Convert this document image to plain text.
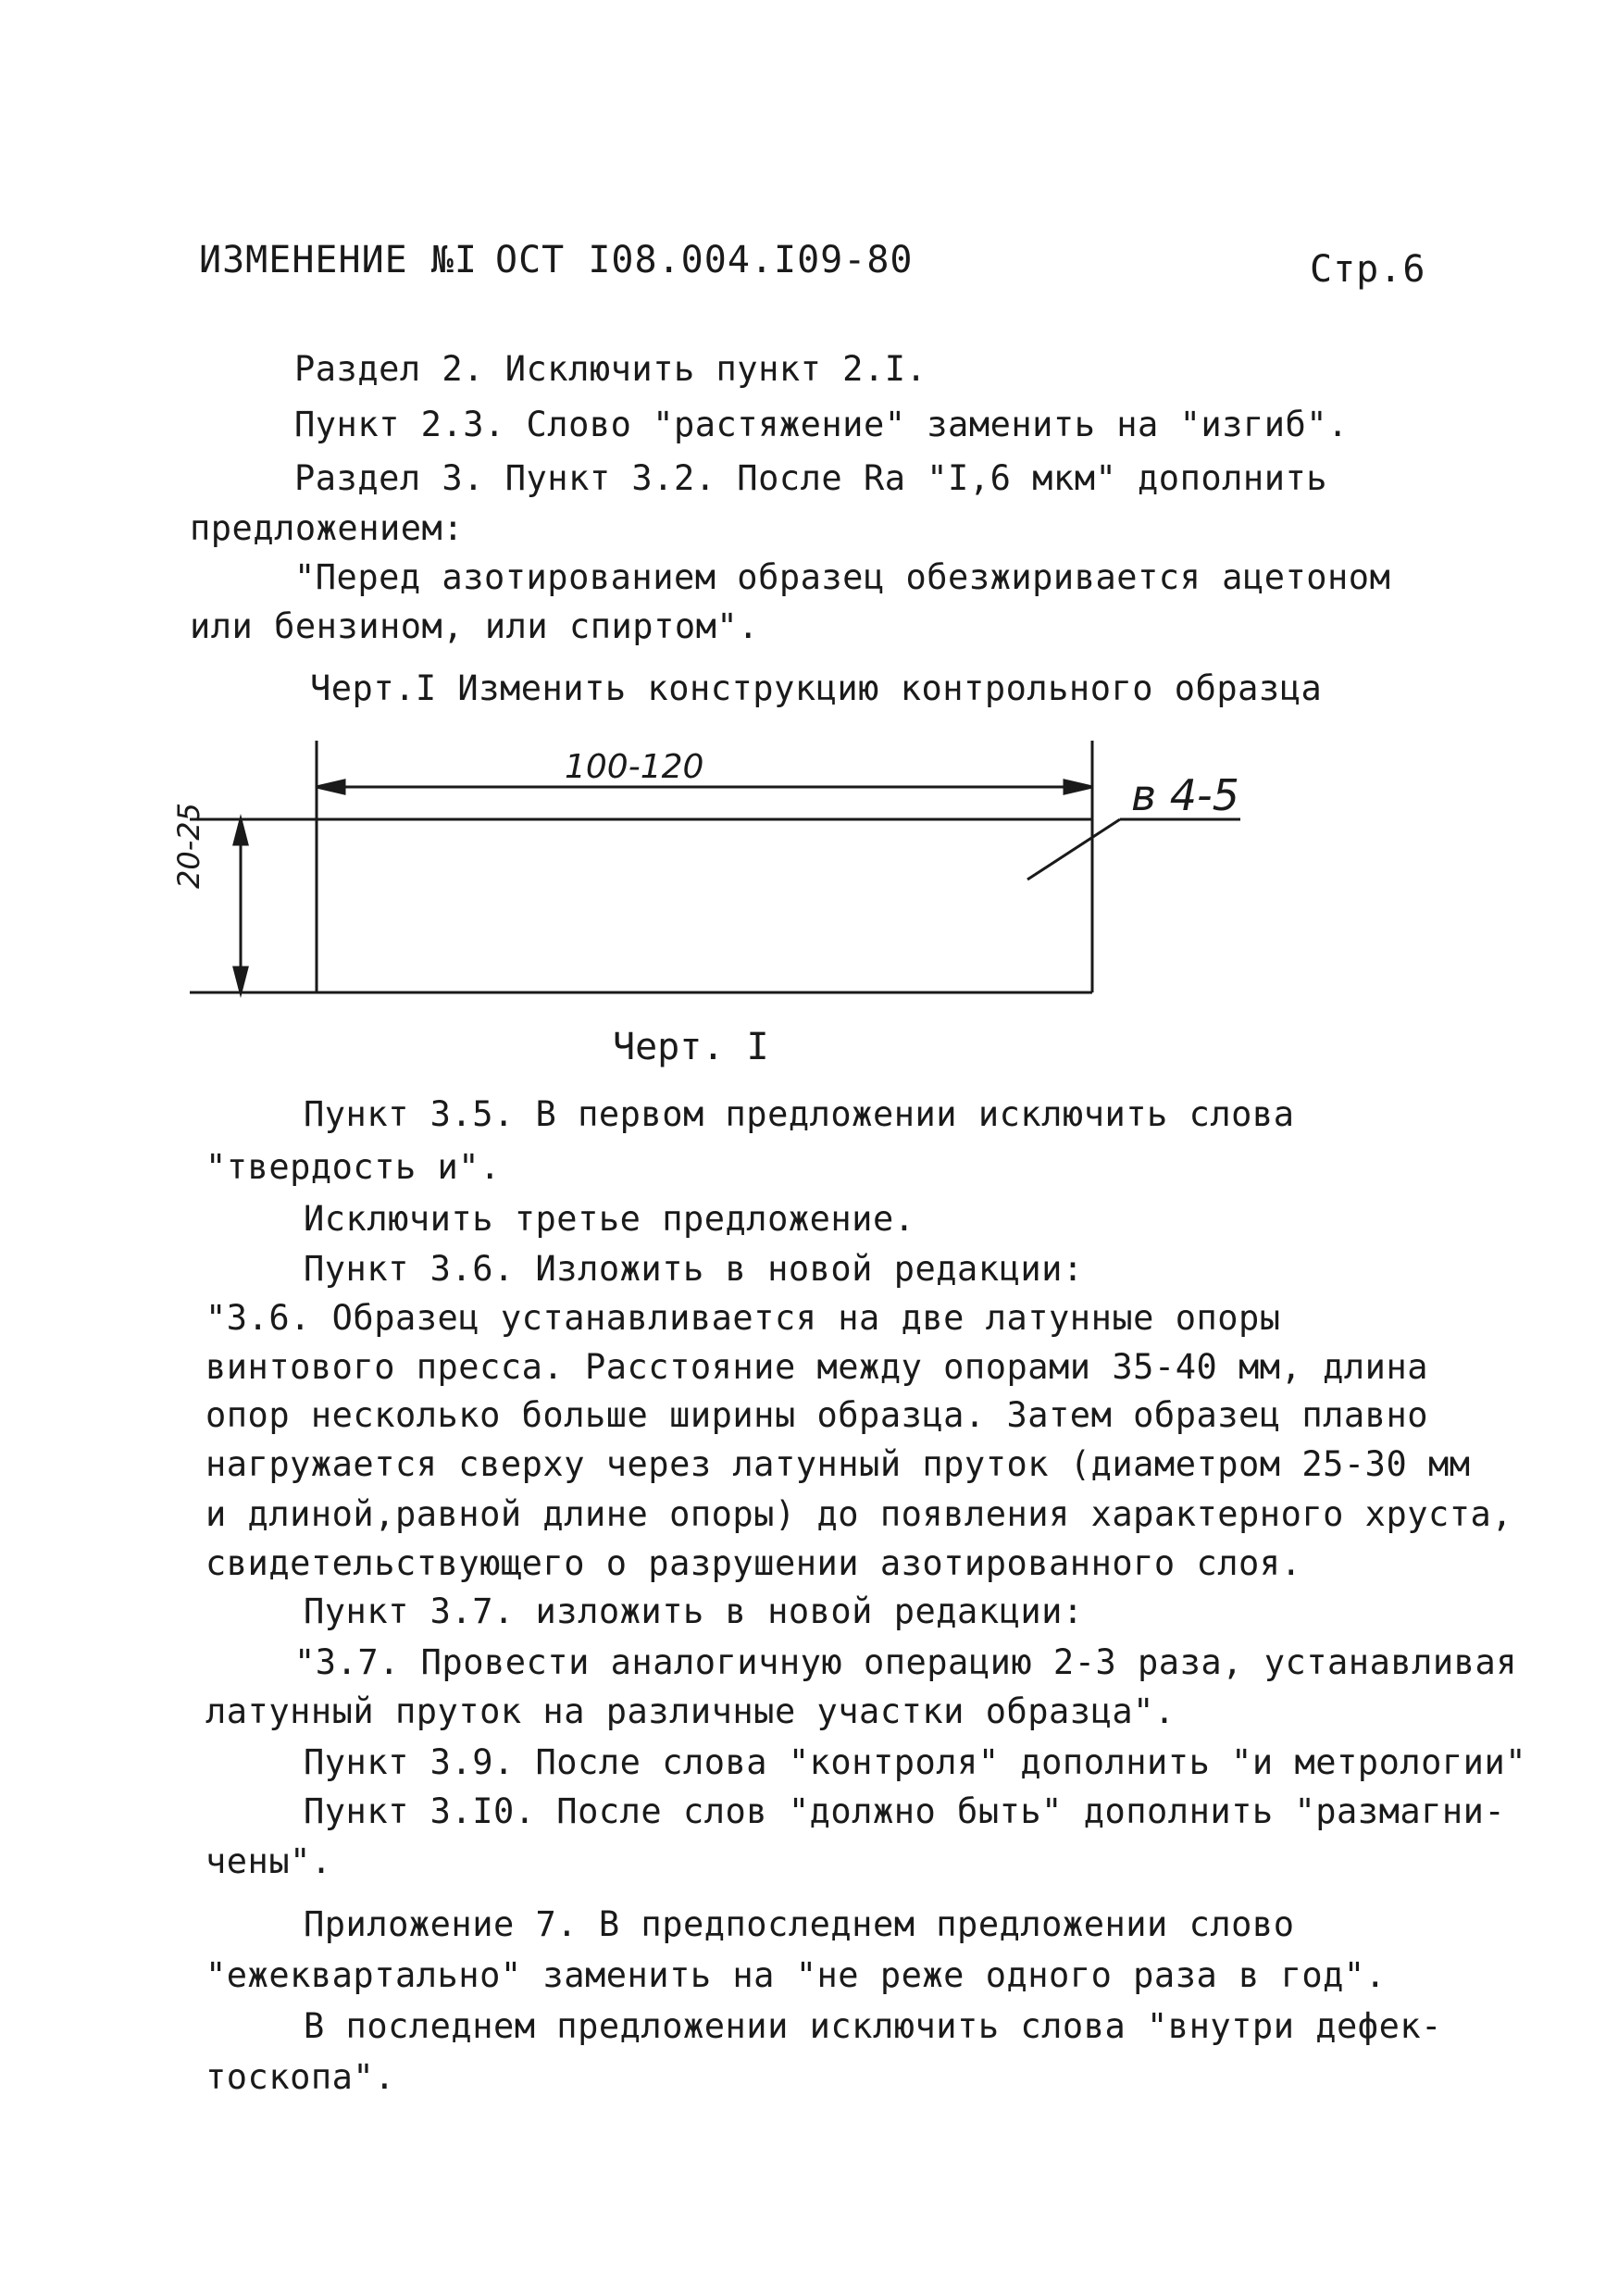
ИЗМЕНЕНИЕ №I ОСТ I08.004.I09-80	Стр.6
Раздел 2. Исключить пункт 2.I.
Пункт 2.3. Слово "растяжение" заменить на "изгиб".
Раздел 3. Пункт 3.2. После Ra "I,6 мкм" дополнить
предложением:
"Перед азотированием образец обезжиривается ацетоном
или бензином, или спиртом".
Черт.I Изменить конструкцию контрольного образца
100-120
в 4-5
20-25
Черт. I
Пункт 3.5. В первом предложении исключить слова
"твердость и".
Исключить третье предложение.
Пункт 3.6. Изложить в новой редакции:
"3.6. Образец устанавливается на две латунные опоры
винтового пресса. Расстояние между опорами 35-40 мм, длина
опор несколько больше ширины образца. Затем образец плавно
нагружается сверху через латунный пруток (диаметром 25-30 мм
и длиной,равной длине опоры) до появления характерного хруста,
свидетельствующего о разрушении азотированного слоя.
Пункт 3.7. изложить в новой редакции:
"3.7. Провести аналогичную операцию 2-3 раза, устанавливая
латунный пруток на различные участки образца".
Пункт 3.9. После слова "контроля" дополнить "и метрологии"
Пункт 3.I0. После слов "должно быть" дополнить "размагни-
чены".
Приложение 7. В предпоследнем предложении слово
"ежеквартально" заменить на "не реже одного раза в год".
В последнем предложении исключить слова "внутри дефек-
тоскопа".
